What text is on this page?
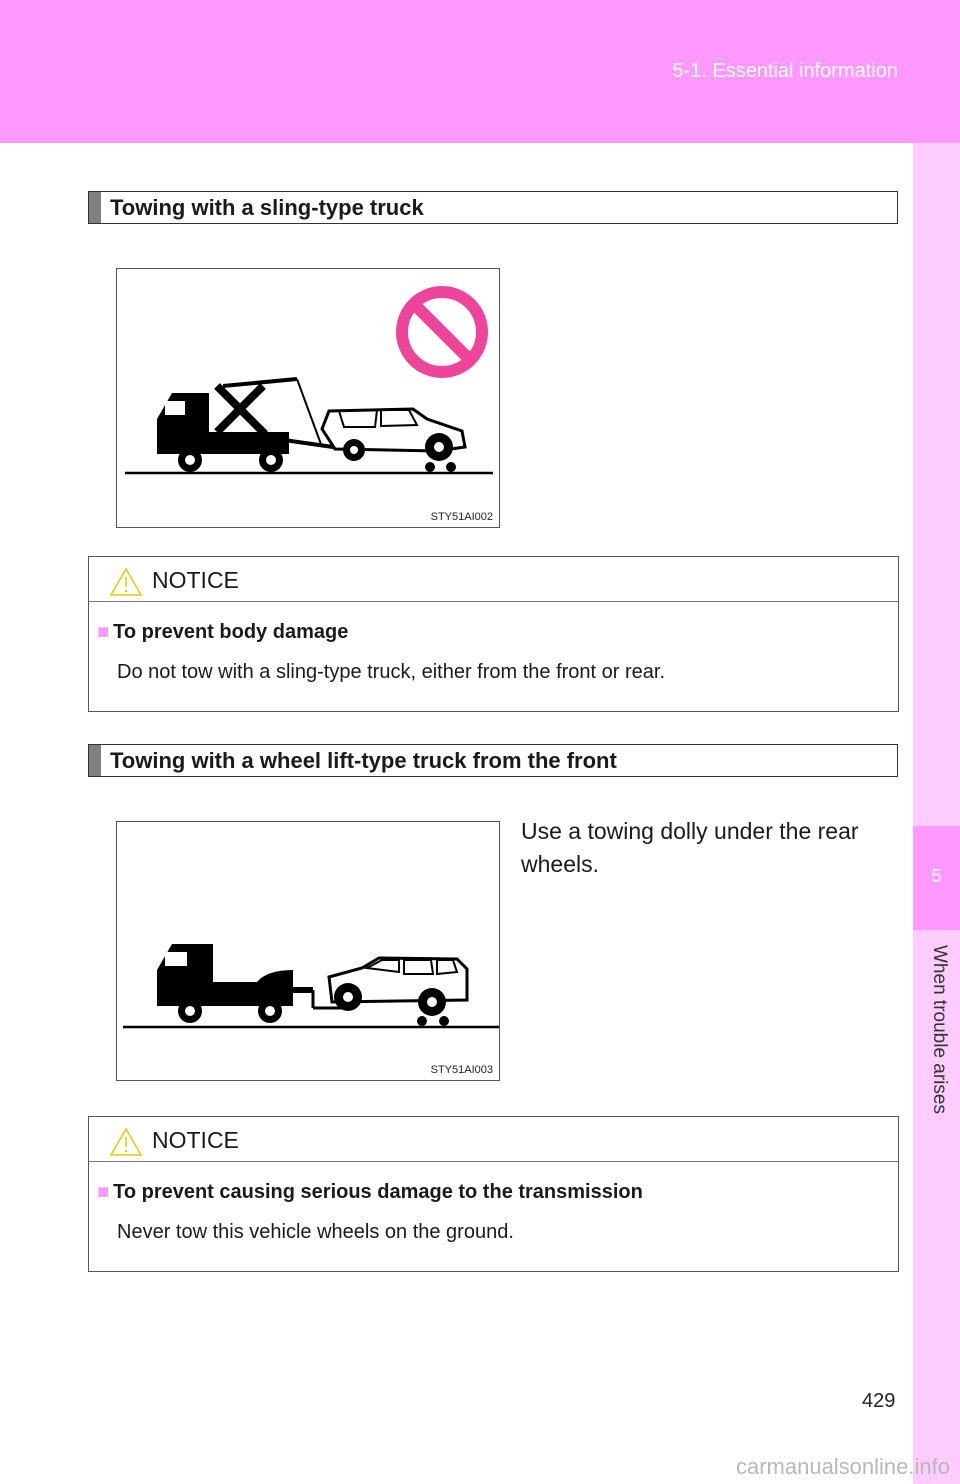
5-1. Essential information
5
When trouble arises
Towing with a sling-type truck
STY51AI002
NOTICE
■ To prevent body damage
Do not tow with a sling-type truck, either from the front or rear.
Towing with a wheel lift-type truck from the front
Use a towing dolly under the rear wheels.
STY51AI003
NOTICE
■ To prevent causing serious damage to the transmission
Never tow this vehicle wheels on the ground.
429
carmanualsonline.info
